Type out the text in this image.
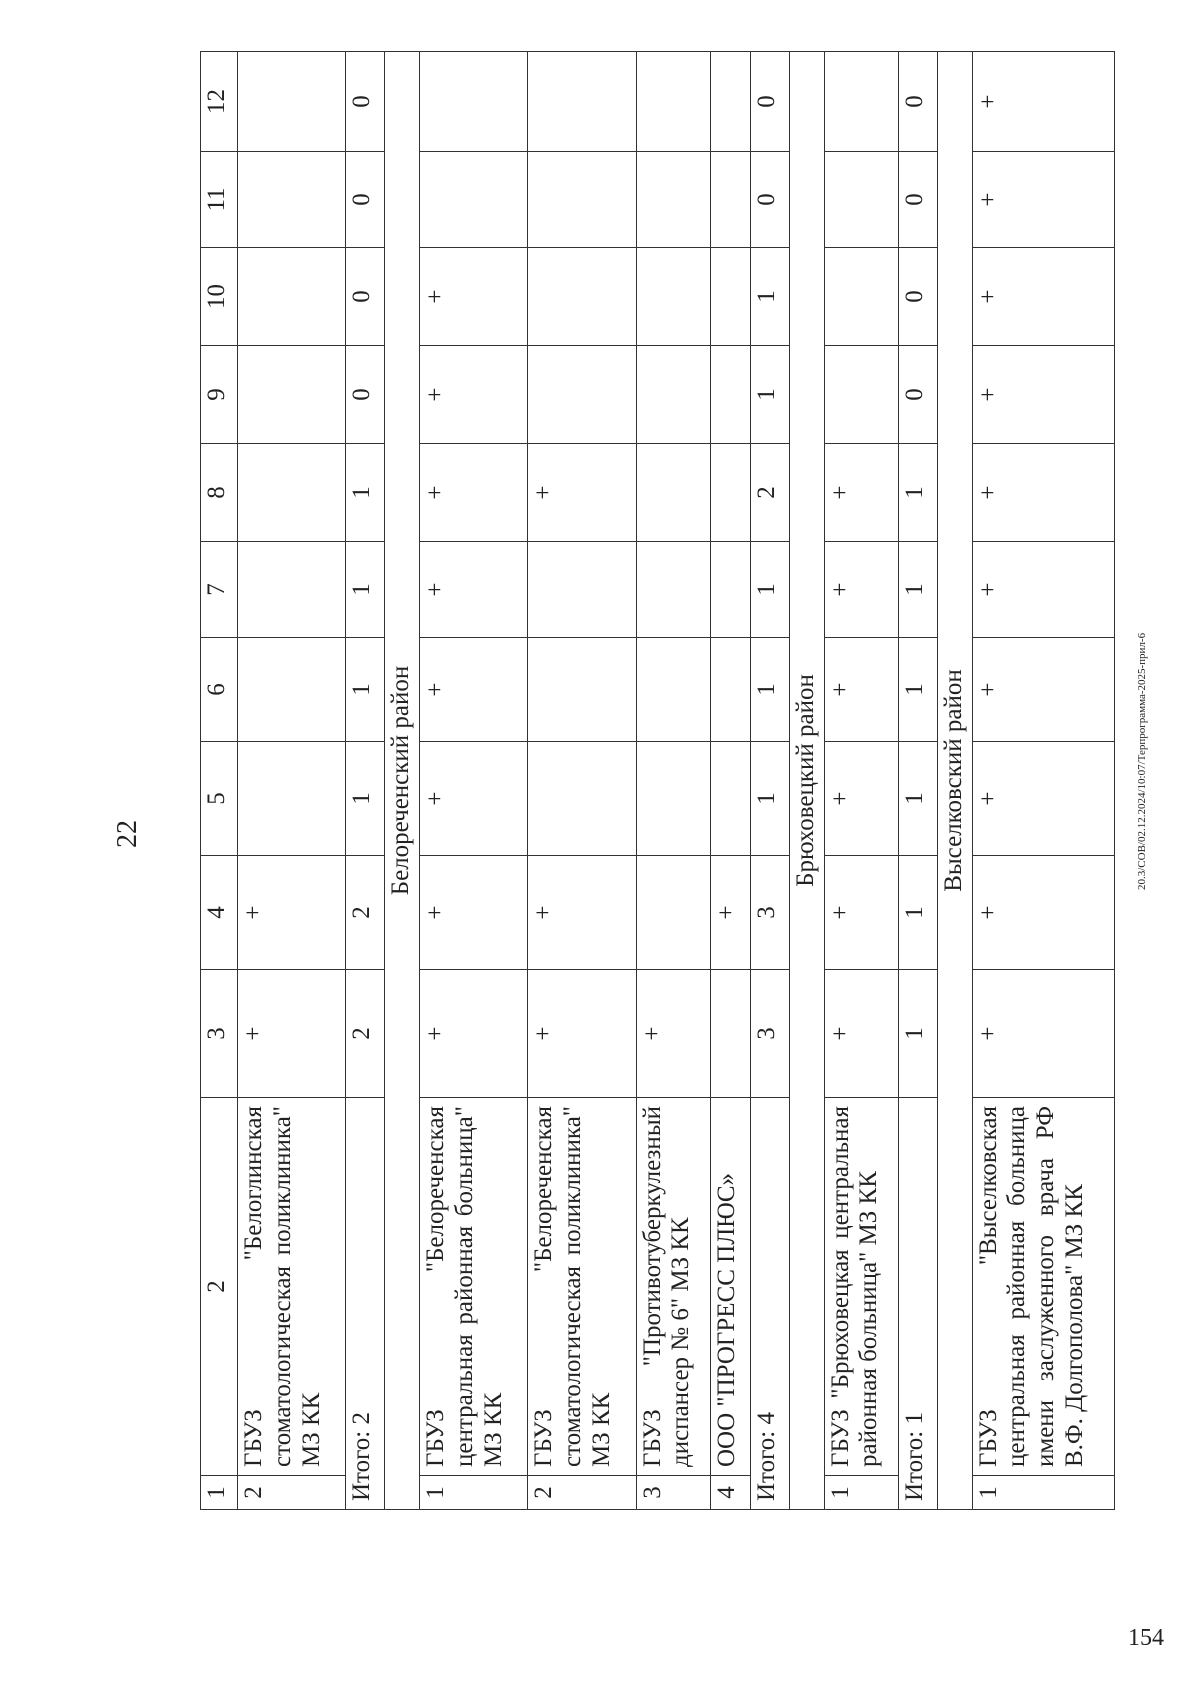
22
154
20.3/СОВ/02.12.2024/10:07/Терпрограмма-2025-прил-6
1	2	3	4	5	6	7	8	9	10	11	12
2	ГБУЗ "Белоглинская стоматологическая поликлиника" МЗ КК	+	+								
Итого: 2		2	2	1	1	1	1	0	0	0	0
Белореченский район											
1	ГБУЗ "Белореченская центральная районная больница" МЗ КК	+	+	+	+	+	+	+	+		
2	ГБУЗ "Белореченская стоматологическая поликлиника" МЗ КК	+	+				+				
3	ГБУЗ "Противотуберкулезный диспансер № 6" МЗ КК	+									
4	ООО "ПРОГРЕСС ПЛЮС»		+								
Итого: 4		3	3	1	1	1	2	1	1	0	0
Брюховецкий район											
1	ГБУЗ "Брюховецкая центральная районная больница" МЗ КК	+	+	+	+	+	+				
Итого: 1		1	1	1	1	1	1	0	0	0	0
Выселковский район											
1	ГБУЗ "Выселковская центральная районная больница имени заслуженного врача РФ В.Ф. Долгополова" МЗ КК	+	+	+	+	+	+	+	+	+	+
